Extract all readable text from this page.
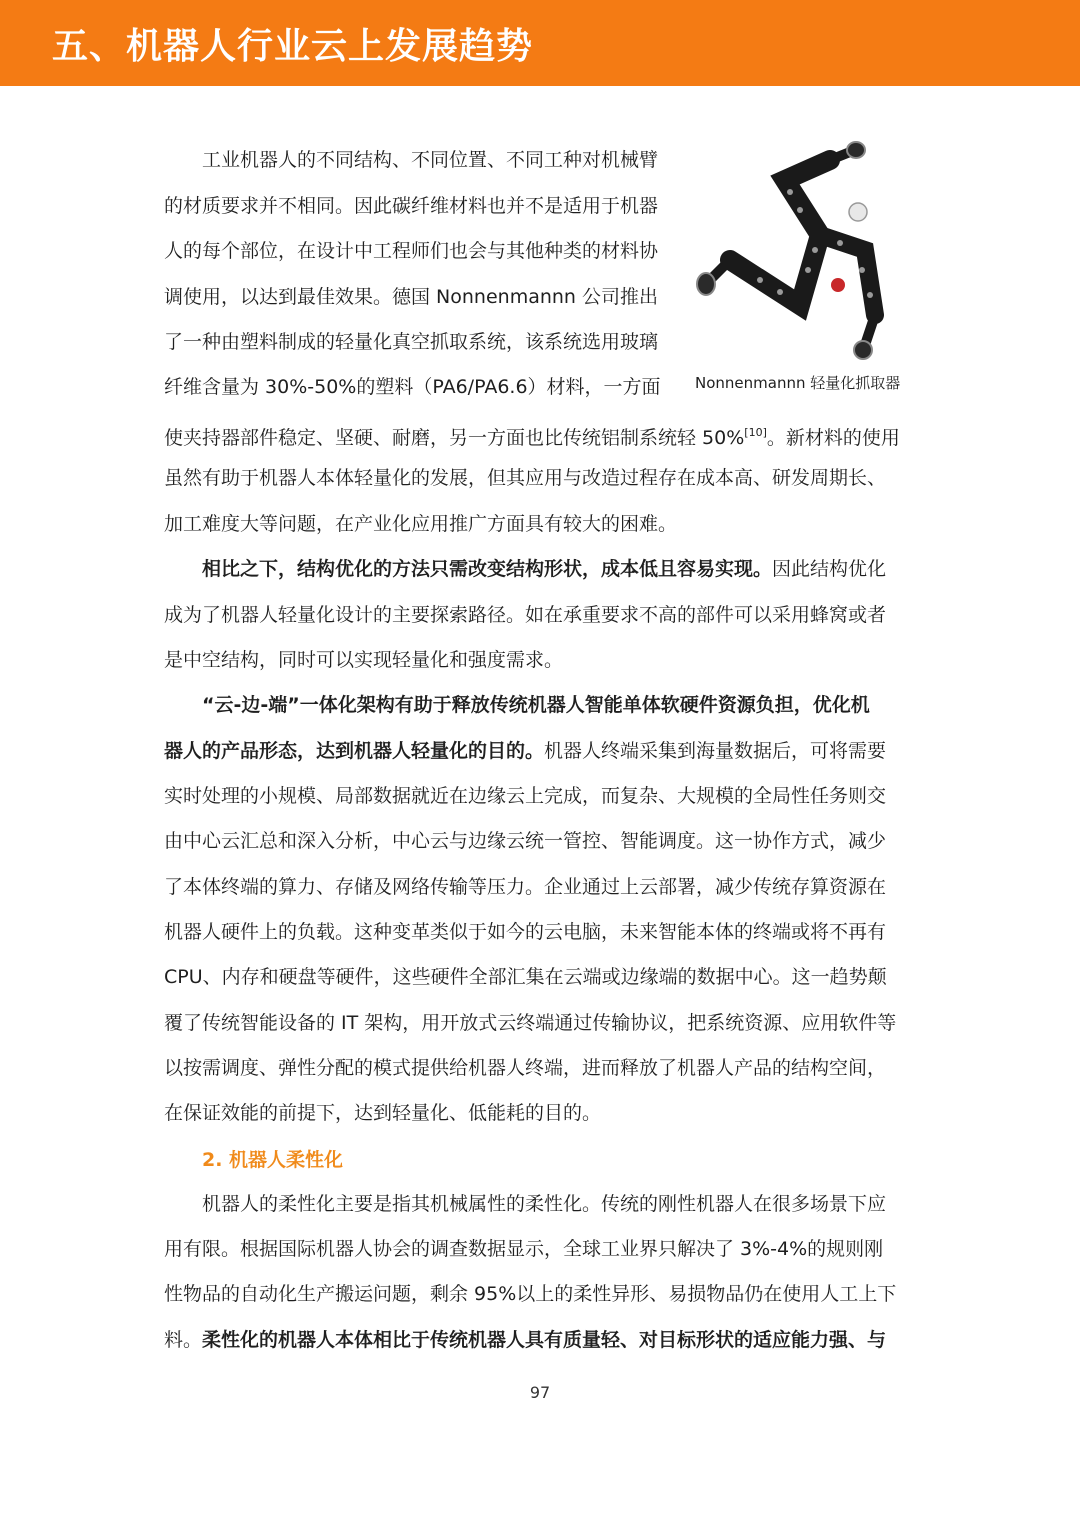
五、机器人行业云上发展趋势
工业机器人的不同结构、不同位置、不同工种对机械臂
的材质要求并不相同。因此碳纤维材料也并不是适用于机器
人的每个部位，在设计中工程师们也会与其他种类的材料协
调使用，以达到最佳效果。德国 Nonnenmannn 公司推出
了一种由塑料制成的轻量化真空抓取系统，该系统选用玻璃
纤维含量为 30%-50%的塑料（PA6/PA6.6）材料，一方面
使夹持器部件稳定、坚硬、耐磨，另一方面也比传统铝制系统轻 50%[10]。新材料的使用
虽然有助于机器人本体轻量化的发展，但其应用与改造过程存在成本高、研发周期长、
加工难度大等问题，在产业化应用推广方面具有较大的困难。
Nonnenmannn 轻量化抓取器
相比之下，结构优化的方法只需改变结构形状，成本低且容易实现。因此结构优化
成为了机器人轻量化设计的主要探索路径。如在承重要求不高的部件可以采用蜂窝或者
是中空结构，同时可以实现轻量化和强度需求。
“云-边-端”一体化架构有助于释放传统机器人智能单体软硬件资源负担，优化机
器人的产品形态，达到机器人轻量化的目的。机器人终端采集到海量数据后，可将需要
实时处理的小规模、局部数据就近在边缘云上完成，而复杂、大规模的全局性任务则交
由中心云汇总和深入分析，中心云与边缘云统一管控、智能调度。这一协作方式，减少
了本体终端的算力、存储及网络传输等压力。企业通过上云部署，减少传统存算资源在
机器人硬件上的负载。这种变革类似于如今的云电脑，未来智能本体的终端或将不再有
CPU、内存和硬盘等硬件，这些硬件全部汇集在云端或边缘端的数据中心。这一趋势颠
覆了传统智能设备的 IT 架构，用开放式云终端通过传输协议，把系统资源、应用软件等
以按需调度、弹性分配的模式提供给机器人终端，进而释放了机器人产品的结构空间，
在保证效能的前提下，达到轻量化、低能耗的目的。
2. 机器人柔性化
机器人的柔性化主要是指其机械属性的柔性化。传统的刚性机器人在很多场景下应
用有限。根据国际机器人协会的调查数据显示，全球工业界只解决了 3%-4%的规则刚
性物品的自动化生产搬运问题，剩余 95%以上的柔性异形、易损物品仍在使用人工上下
料。柔性化的机器人本体相比于传统机器人具有质量轻、对目标形状的适应能力强、与
97
